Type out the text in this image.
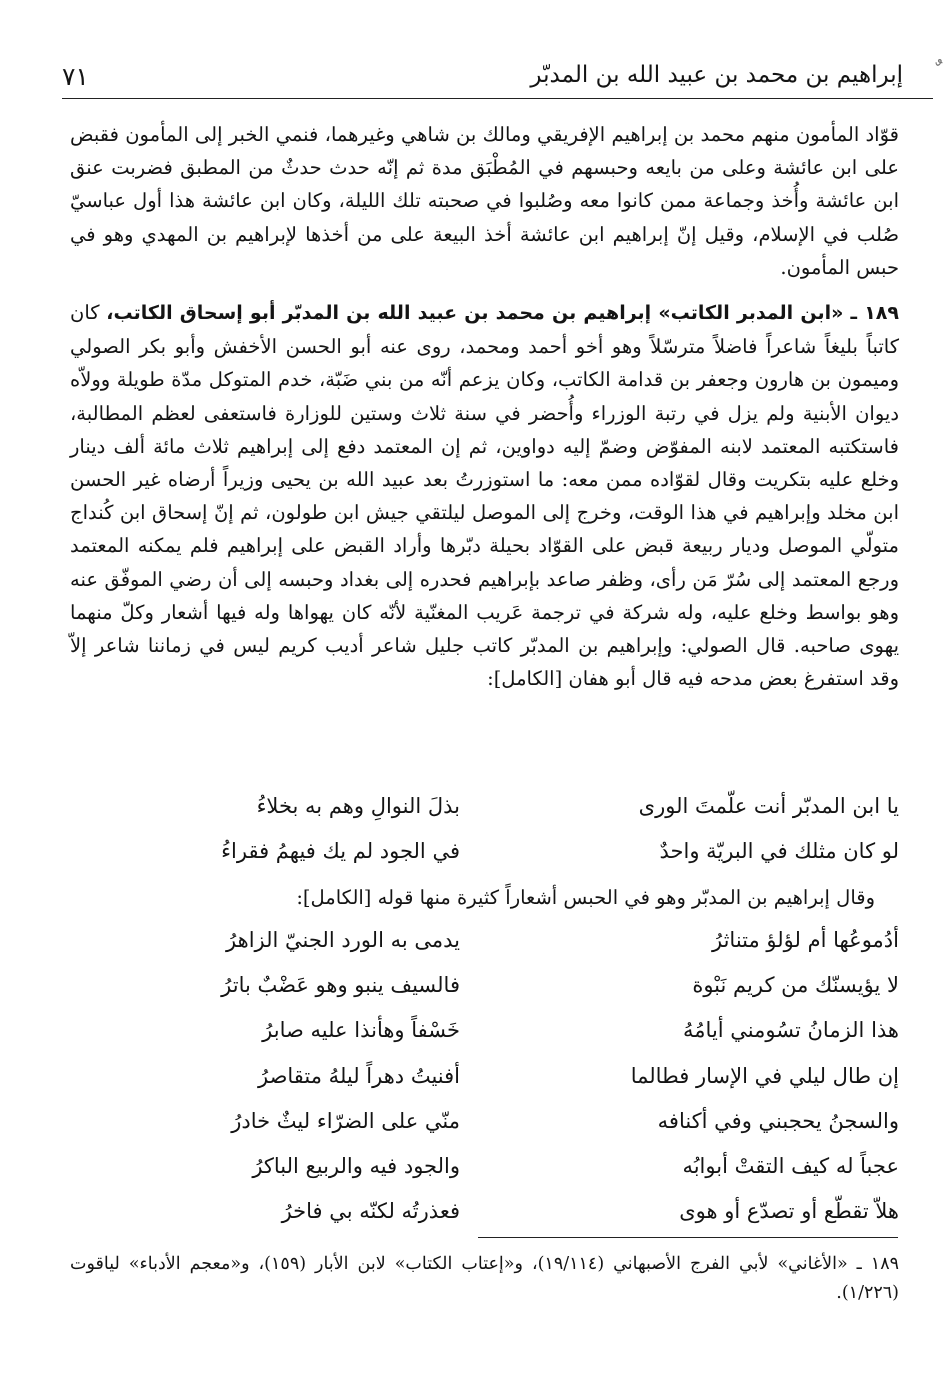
إبراهيم بن محمد بن عبيد الله بن المدبّر
٧١

قوّاد المأمون منهم محمد بن إبراهيم الإفريقي ومالك بن شاهي وغيرهما، فنمي الخبر إلى المأمون فقبض على ابن عائشة وعلى من بايعه وحبسهم في المُطْبَق مدة ثم إنّه حدث حدثٌ من المطبق فضربت عنق ابن عائشة وأُخذ وجماعة ممن كانوا معه وصُلبوا في صحبته تلك الليلة، وكان ابن عائشة هذا أول عباسيّ صُلب في الإسلام، وقيل إنّ إبراهيم ابن عائشة أخذ البيعة على من أخذها لإبراهيم بن المهدي وهو في حبس المأمون.

١٨٩ ـ «ابن المدبر الكاتب» إبراهيم بن محمد بن عبيد الله بن المدبّر أبو إسحاق الكاتب، كان كاتباً بليغاً شاعراً فاضلاً مترسّلاً وهو أخو أحمد ومحمد، روى عنه أبو الحسن الأخفش وأبو بكر الصولي وميمون بن هارون وجعفر بن قدامة الكاتب، وكان يزعم أنّه من بني ضَبّة، خدم المتوكل مدّة طويلة وولاّه ديوان الأبنية ولم يزل في رتبة الوزراء وأُحضر في سنة ثلاث وستين للوزارة فاستعفى لعظم المطالبة، فاستكتبه المعتمد لابنه المفوّض وضمّ إليه دواوين، ثم إن المعتمد دفع إلى إبراهيم ثلاث مائة ألف دينار وخلع عليه بتكريت وقال لقوّاده ممن معه: ما استوزرتُ بعد عبيد الله بن يحيى وزيراً أرضاه غير الحسن ابن مخلد وإبراهيم في هذا الوقت، وخرج إلى الموصل ليلتقي جيش ابن طولون، ثم إنّ إسحاق ابن كُنداج متولّي الموصل وديار ربيعة قبض على القوّاد بحيلة دبّرها وأراد القبض على إبراهيم فلم يمكنه المعتمد ورجع المعتمد إلى سُرّ مَن رأى، وظفر صاعد بإبراهيم فحدره إلى بغداد وحبسه إلى أن رضي الموفّق عنه وهو بواسط وخلع عليه، وله شركة في ترجمة عَريب المغنّية لأنّه كان يهواها وله فيها أشعار وكلّ منهما يهوى صاحبه. قال الصولي: وإبراهيم بن المدبّر كاتب جليل شاعر أديب كريم ليس في زماننا شاعر إلاّ وقد استفرغ بعض مدحه فيه قال أبو هفان [الكامل]:

يا ابن المدبّر أنت علّمتَ الورى
بذلَ النوالِ وهم به بخلاءُ
لو كان مثلك في البريّة واحدٌ
في الجود لم يك فيهمُ فقراءُ
وقال إبراهيم بن المدبّر وهو في الحبس أشعاراً كثيرة منها قوله [الكامل]:
أدُموعُها أم لؤلؤ متناثرُ
يدمى به الورد الجنيّ الزاهرُ
لا يؤيسنّك من كريم نَبْوة
فالسيف ينبو وهو عَضْبٌ باترُ
هذا الزمانُ تسُومني أيامُهُ
خَسْفاً وهأنذا عليه صابرُ
إن طال ليلي في الإسار فطالما
أفنيتُ دهراً ليلهُ متقاصرُ
والسجنُ يحجبني وفي أكنافه
منّي على الضرّاء ليثٌ خادرُ
عجباً له كيف التقتْ أبوابُه
والجود فيه والربيع الباكرُ
هلاّ تقطّع أو تصدّع أو هوى
فعذرتُه لكنّه بي فاخرُ

١٨٩ ـ «الأغاني» لأبي الفرج الأصبهاني (١٩/١١٤)، و«إعتاب الكتاب» لابن الأبار (١٥٩)، و«معجم الأدباء» لياقوت (١/٢٢٦).
